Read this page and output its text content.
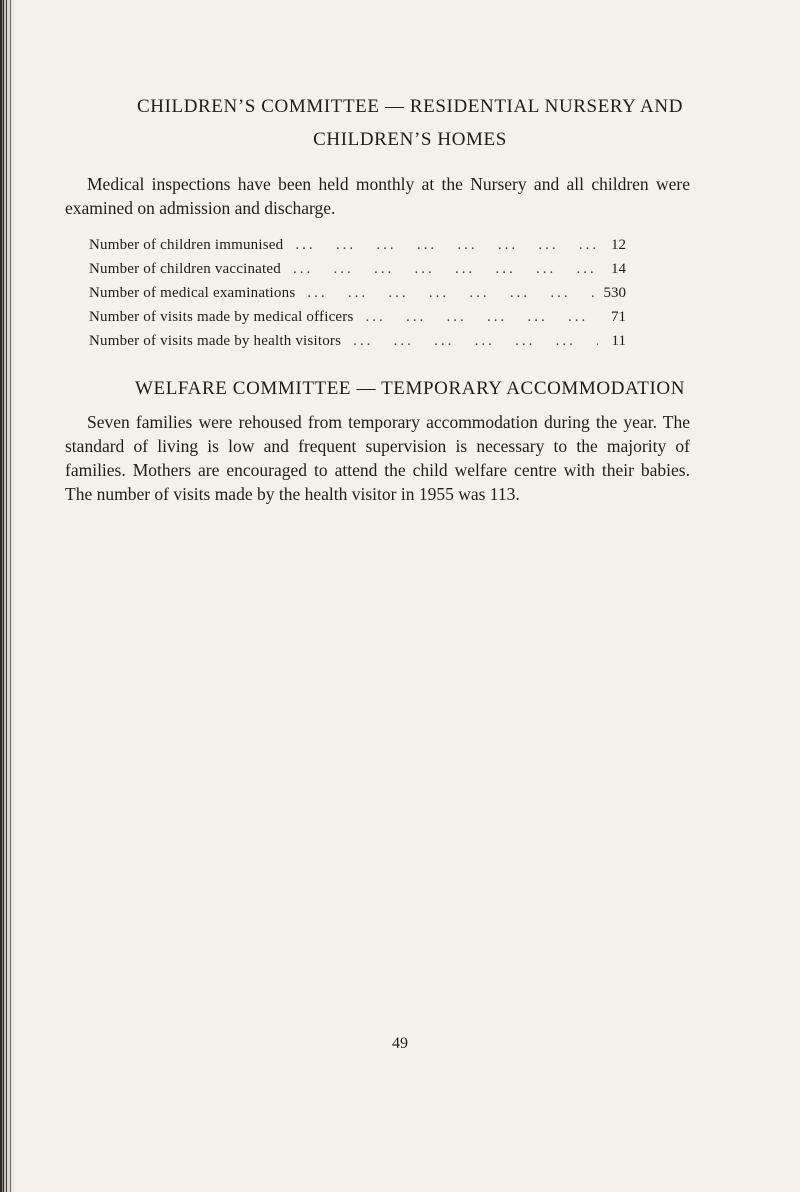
CHILDREN’S COMMITTEE — RESIDENTIAL NURSERY AND
CHILDREN’S HOMES

Medical inspections have been held monthly at the Nursery and all children were examined on admission and discharge.

Number of children immunised ...	12
Number of children vaccinated ...	14
Number of medical examinations ...	530
Number of visits made by medical officers ...	71
Number of visits made by health visitors ...	11
WELFARE COMMITTEE — TEMPORARY ACCOMMODATION

Seven families were rehoused from temporary accommodation during the year. The standard of living is low and frequent supervision is necessary to the majority of families. Mothers are encouraged to attend the child welfare centre with their babies. The number of visits made by the health visitor in 1955 was 113.

49
